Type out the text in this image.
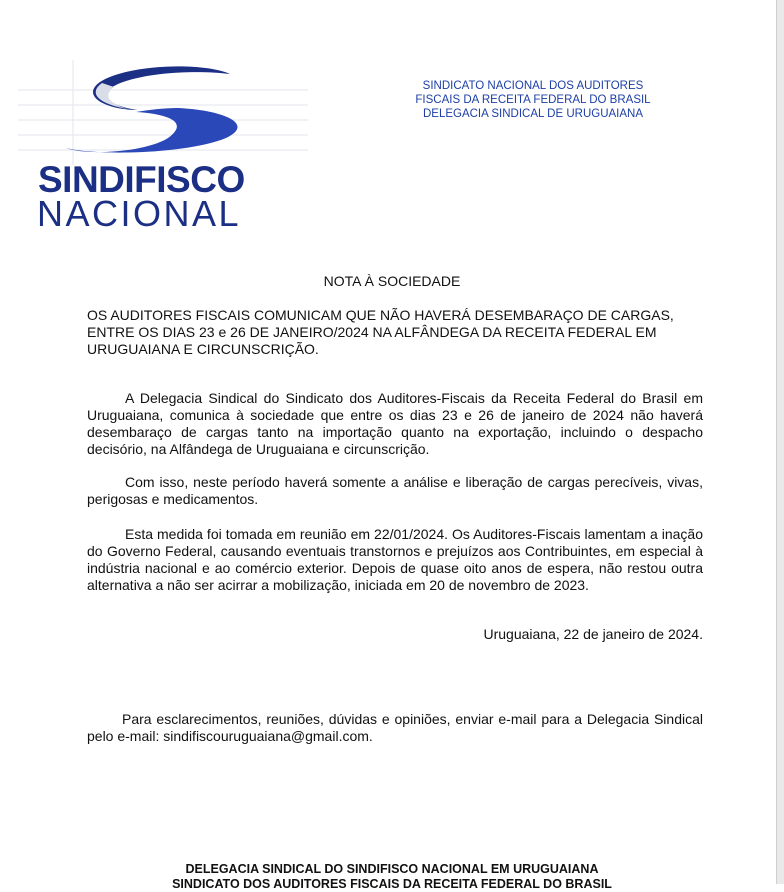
SINDIFISCO
NACIONAL
SINDICATO NACIONAL DOS AUDITORES
FISCAIS DA RECEITA FEDERAL DO BRASIL
DELEGACIA SINDICAL DE URUGUAIANA
NOTA À SOCIEDADE
OS AUDITORES FISCAIS COMUNICAM QUE NÃO HAVERÁ DESEMBARAÇO DE CARGAS, ENTRE OS DIAS 23 e 26 DE JANEIRO/2024 NA ALFÂNDEGA DA RECEITA FEDERAL EM URUGUAIANA E CIRCUNSCRIÇÃO.

A Delegacia Sindical do Sindicato dos Auditores-Fiscais da Receita Federal do Brasil em Uruguaiana, comunica à sociedade que entre os dias 23 e 26 de janeiro de 2024 não haverá desembaraço de cargas tanto na importação quanto na exportação, incluindo o despacho decisório, na Alfândega de Uruguaiana e circunscrição.

Com isso, neste período haverá somente a análise e liberação de cargas perecíveis, vivas, perigosas e medicamentos.

Esta medida foi tomada em reunião em 22/01/2024. Os Auditores-Fiscais lamentam a inação do Governo Federal, causando eventuais transtornos e prejuízos aos Contribuintes, em especial à indústria nacional e ao comércio exterior. Depois de quase oito anos de espera, não restou outra alternativa a não ser acirrar a mobilização, iniciada em 20 de novembro de 2023.

Uruguaiana, 22 de janeiro de 2024.

Para esclarecimentos, reuniões, dúvidas e opiniões, enviar e-mail para a Delegacia Sindical pelo e-mail: sindifiscouruguaiana@gmail.com.

DELEGACIA SINDICAL DO SINDIFISCO NACIONAL EM URUGUAIANA
SINDICATO DOS AUDITORES FISCAIS DA RECEITA FEDERAL DO BRASIL
